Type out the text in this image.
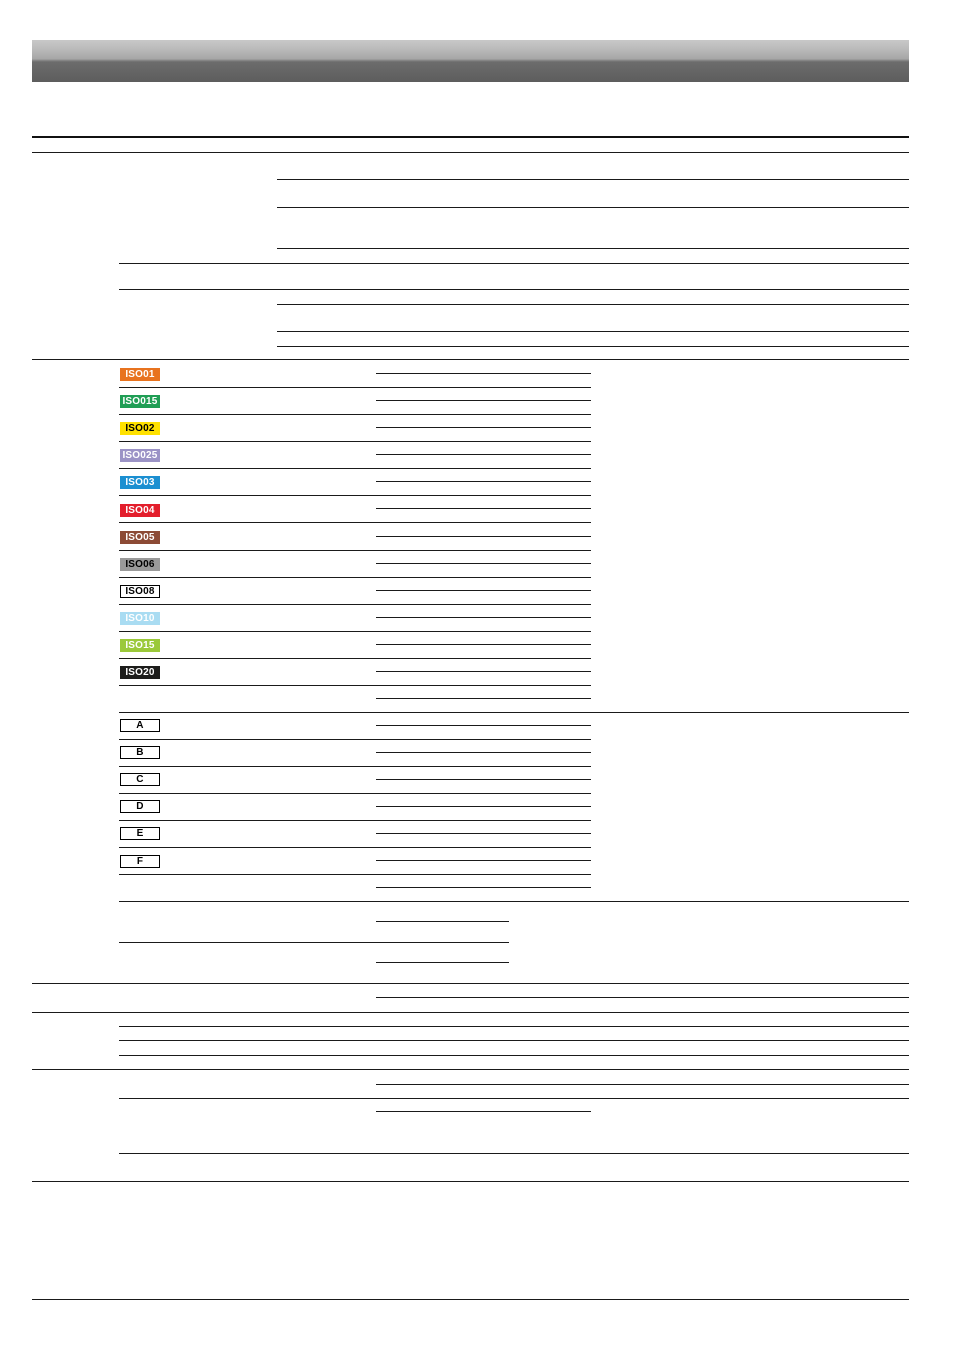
ISO01
ISO015
ISO02
ISO025
ISO03
ISO04
ISO05
ISO06
ISO08
ISO10
ISO15
ISO20
A
B
C
D
E
F
